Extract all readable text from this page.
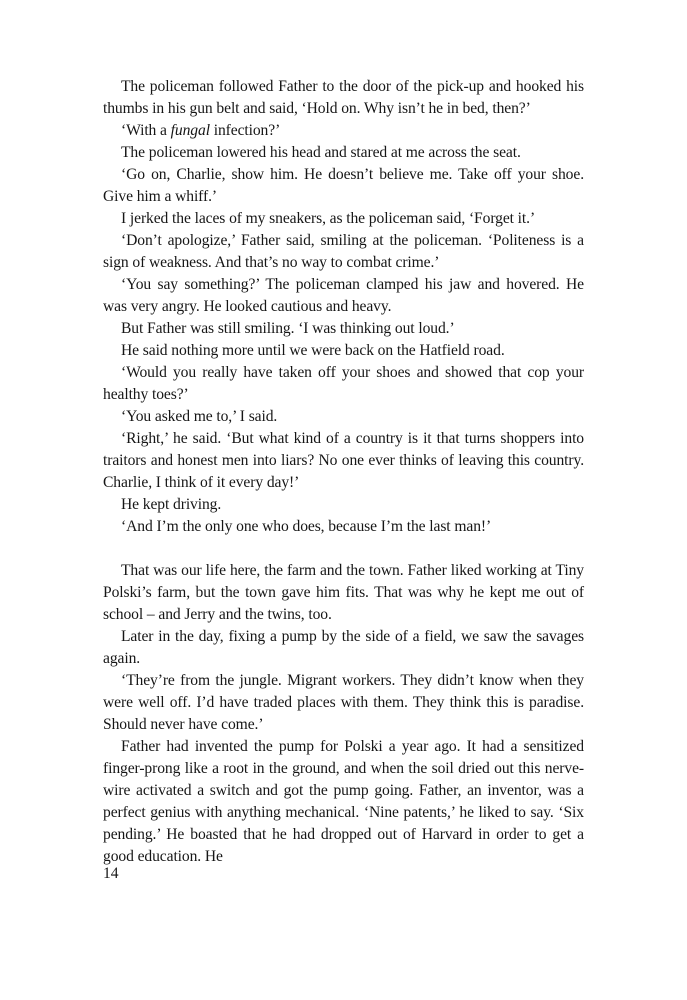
The policeman followed Father to the door of the pick-up and hooked his thumbs in his gun belt and said, ‘Hold on. Why isn’t he in bed, then?’

‘With a fungal infection?’

The policeman lowered his head and stared at me across the seat.

‘Go on, Charlie, show him. He doesn’t believe me. Take off your shoe. Give him a whiff.’

I jerked the laces of my sneakers, as the policeman said, ‘Forget it.’

‘Don’t apologize,’ Father said, smiling at the policeman. ‘Politeness is a sign of weakness. And that’s no way to combat crime.’

‘You say something?’ The policeman clamped his jaw and hovered. He was very angry. He looked cautious and heavy.

But Father was still smiling. ‘I was thinking out loud.’

He said nothing more until we were back on the Hatfield road.

‘Would you really have taken off your shoes and showed that cop your healthy toes?’

‘You asked me to,’ I said.

‘Right,’ he said. ‘But what kind of a country is it that turns shoppers into traitors and honest men into liars? No one ever thinks of leaving this country. Charlie, I think of it every day!’

He kept driving.

‘And I’m the only one who does, because I’m the last man!’

That was our life here, the farm and the town. Father liked working at Tiny Polski’s farm, but the town gave him fits. That was why he kept me out of school – and Jerry and the twins, too.

Later in the day, fixing a pump by the side of a field, we saw the savages again.

‘They’re from the jungle. Migrant workers. They didn’t know when they were well off. I’d have traded places with them. They think this is paradise. Should never have come.’

Father had invented the pump for Polski a year ago. It had a sensitized finger-prong like a root in the ground, and when the soil dried out this nerve-wire activated a switch and got the pump going. Father, an inventor, was a perfect genius with anything mechanical. ‘Nine patents,’ he liked to say. ‘Six pending.’ He boasted that he had dropped out of Harvard in order to get a good education. He

14
